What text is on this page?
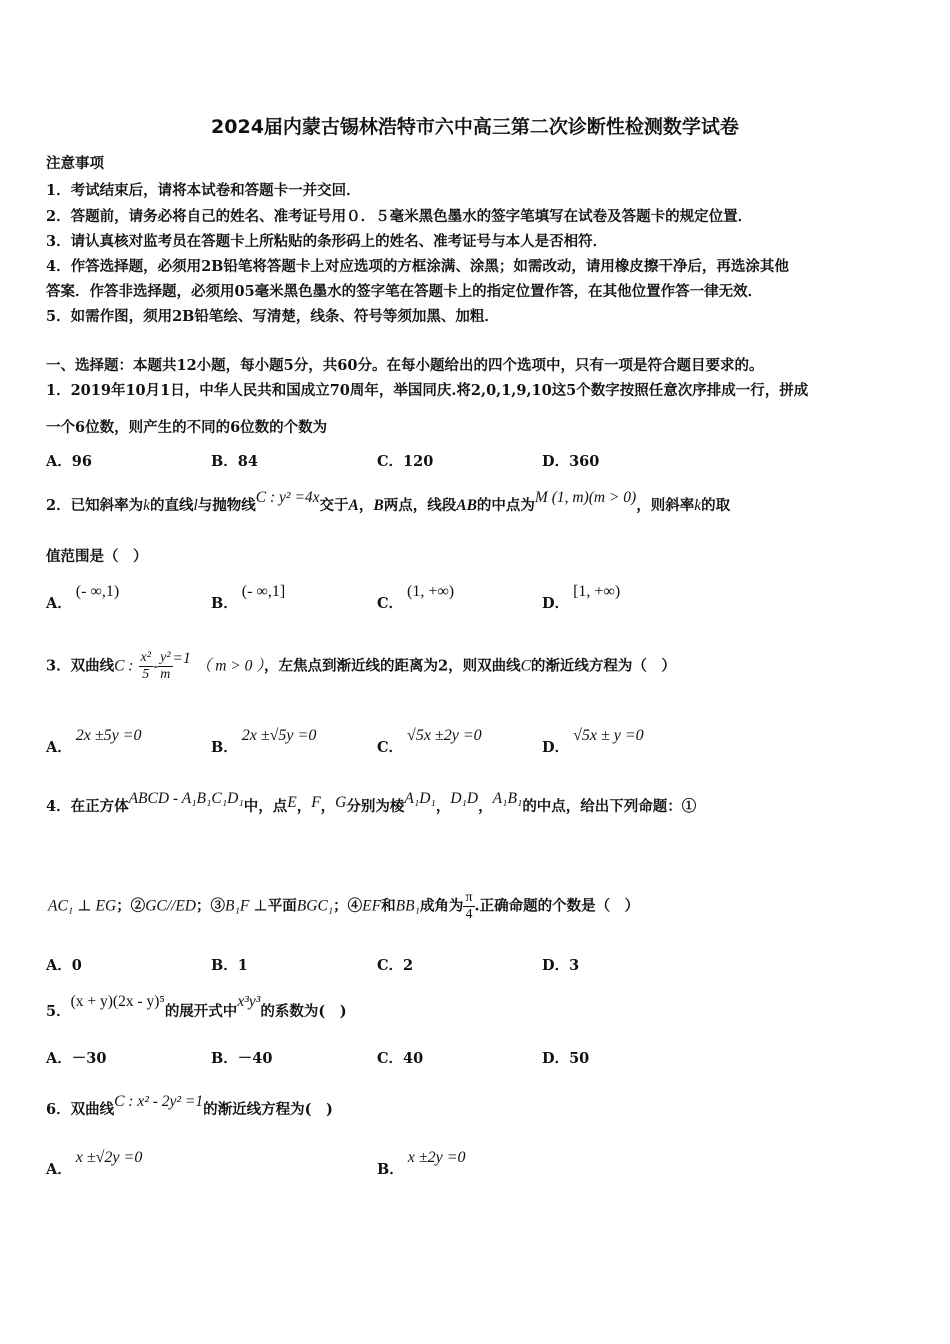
2024届内蒙古锡林浩特市六中高三第二次诊断性检测数学试卷
注意事项
1．考试结束后，请将本试卷和答题卡一并交回．
2．答题前，请务必将自己的姓名、准考证号用０．５毫米黑色墨水的签字笔填写在试卷及答题卡的规定位置．
3．请认真核对监考员在答题卡上所粘贴的条形码上的姓名、准考证号与本人是否相符．
4．作答选择题，必须用2B铅笔将答题卡上对应选项的方框涂满、涂黑；如需改动，请用橡皮擦干净后，再选涂其他
答案．作答非选择题，必须用05毫米黑色墨水的签字笔在答题卡上的指定位置作答，在其他位置作答一律无效．
5．如需作图，须用2B铅笔绘、写清楚，线条、符号等须加黑、加粗．
一、选择题：本题共12小题，每小题5分，共60分。在每小题给出的四个选项中，只有一项是符合题目要求的。
1．2019年10月1日，中华人民共和国成立70周年，举国同庆.将2,0,1,9,10这5个数字按照任意次序排成一行，拼成
一个6位数，则产生的不同的6位数的个数为
A．96	B．84	C．120	D．360
2．已知斜率为k的直线l与抛物线C : y² =4x交于A，B两点，线段AB的中点为M (1, m)(m > 0)，则斜率k的取
值范围是（　）
A．(- ∞,1)
B．(- ∞,1]
C．(1, +∞)
D．[1, +∞)
3．双曲线C : $\frac{\text{x²}}{5} - \frac{\text{y²}}{m} =1$ （ m > 0 ），左焦点到渐近线的距离为2，则双曲线C的渐近线方程为（　）
A．2x ±5y =0
B．2x ±√5y =0
C．√5x ±2y =0
D．√5x ± y =0
4．在正方体ABCD - A₁B₁C₁D₁中，点E，F，G分别为棱A₁D₁，D₁D，A₁B₁的中点，给出下列命题：①
AC₁ ⊥ EG；②GC//ED；③B₁F ⊥平面BGC₁；④EF和BB₁成角为 $\frac{\pi}{4}$ .正确命题的个数是（　）
A．0	B．1	C．2	D．3
5．(x + y)(2x - y)⁵的展开式中x³y³的系数为(　)
A．－30	B．－40	C．40	D．50
6．双曲线C : x² - 2y² =1的渐近线方程为(　)
A．x ±√2y =0
B．x ±2y =0
